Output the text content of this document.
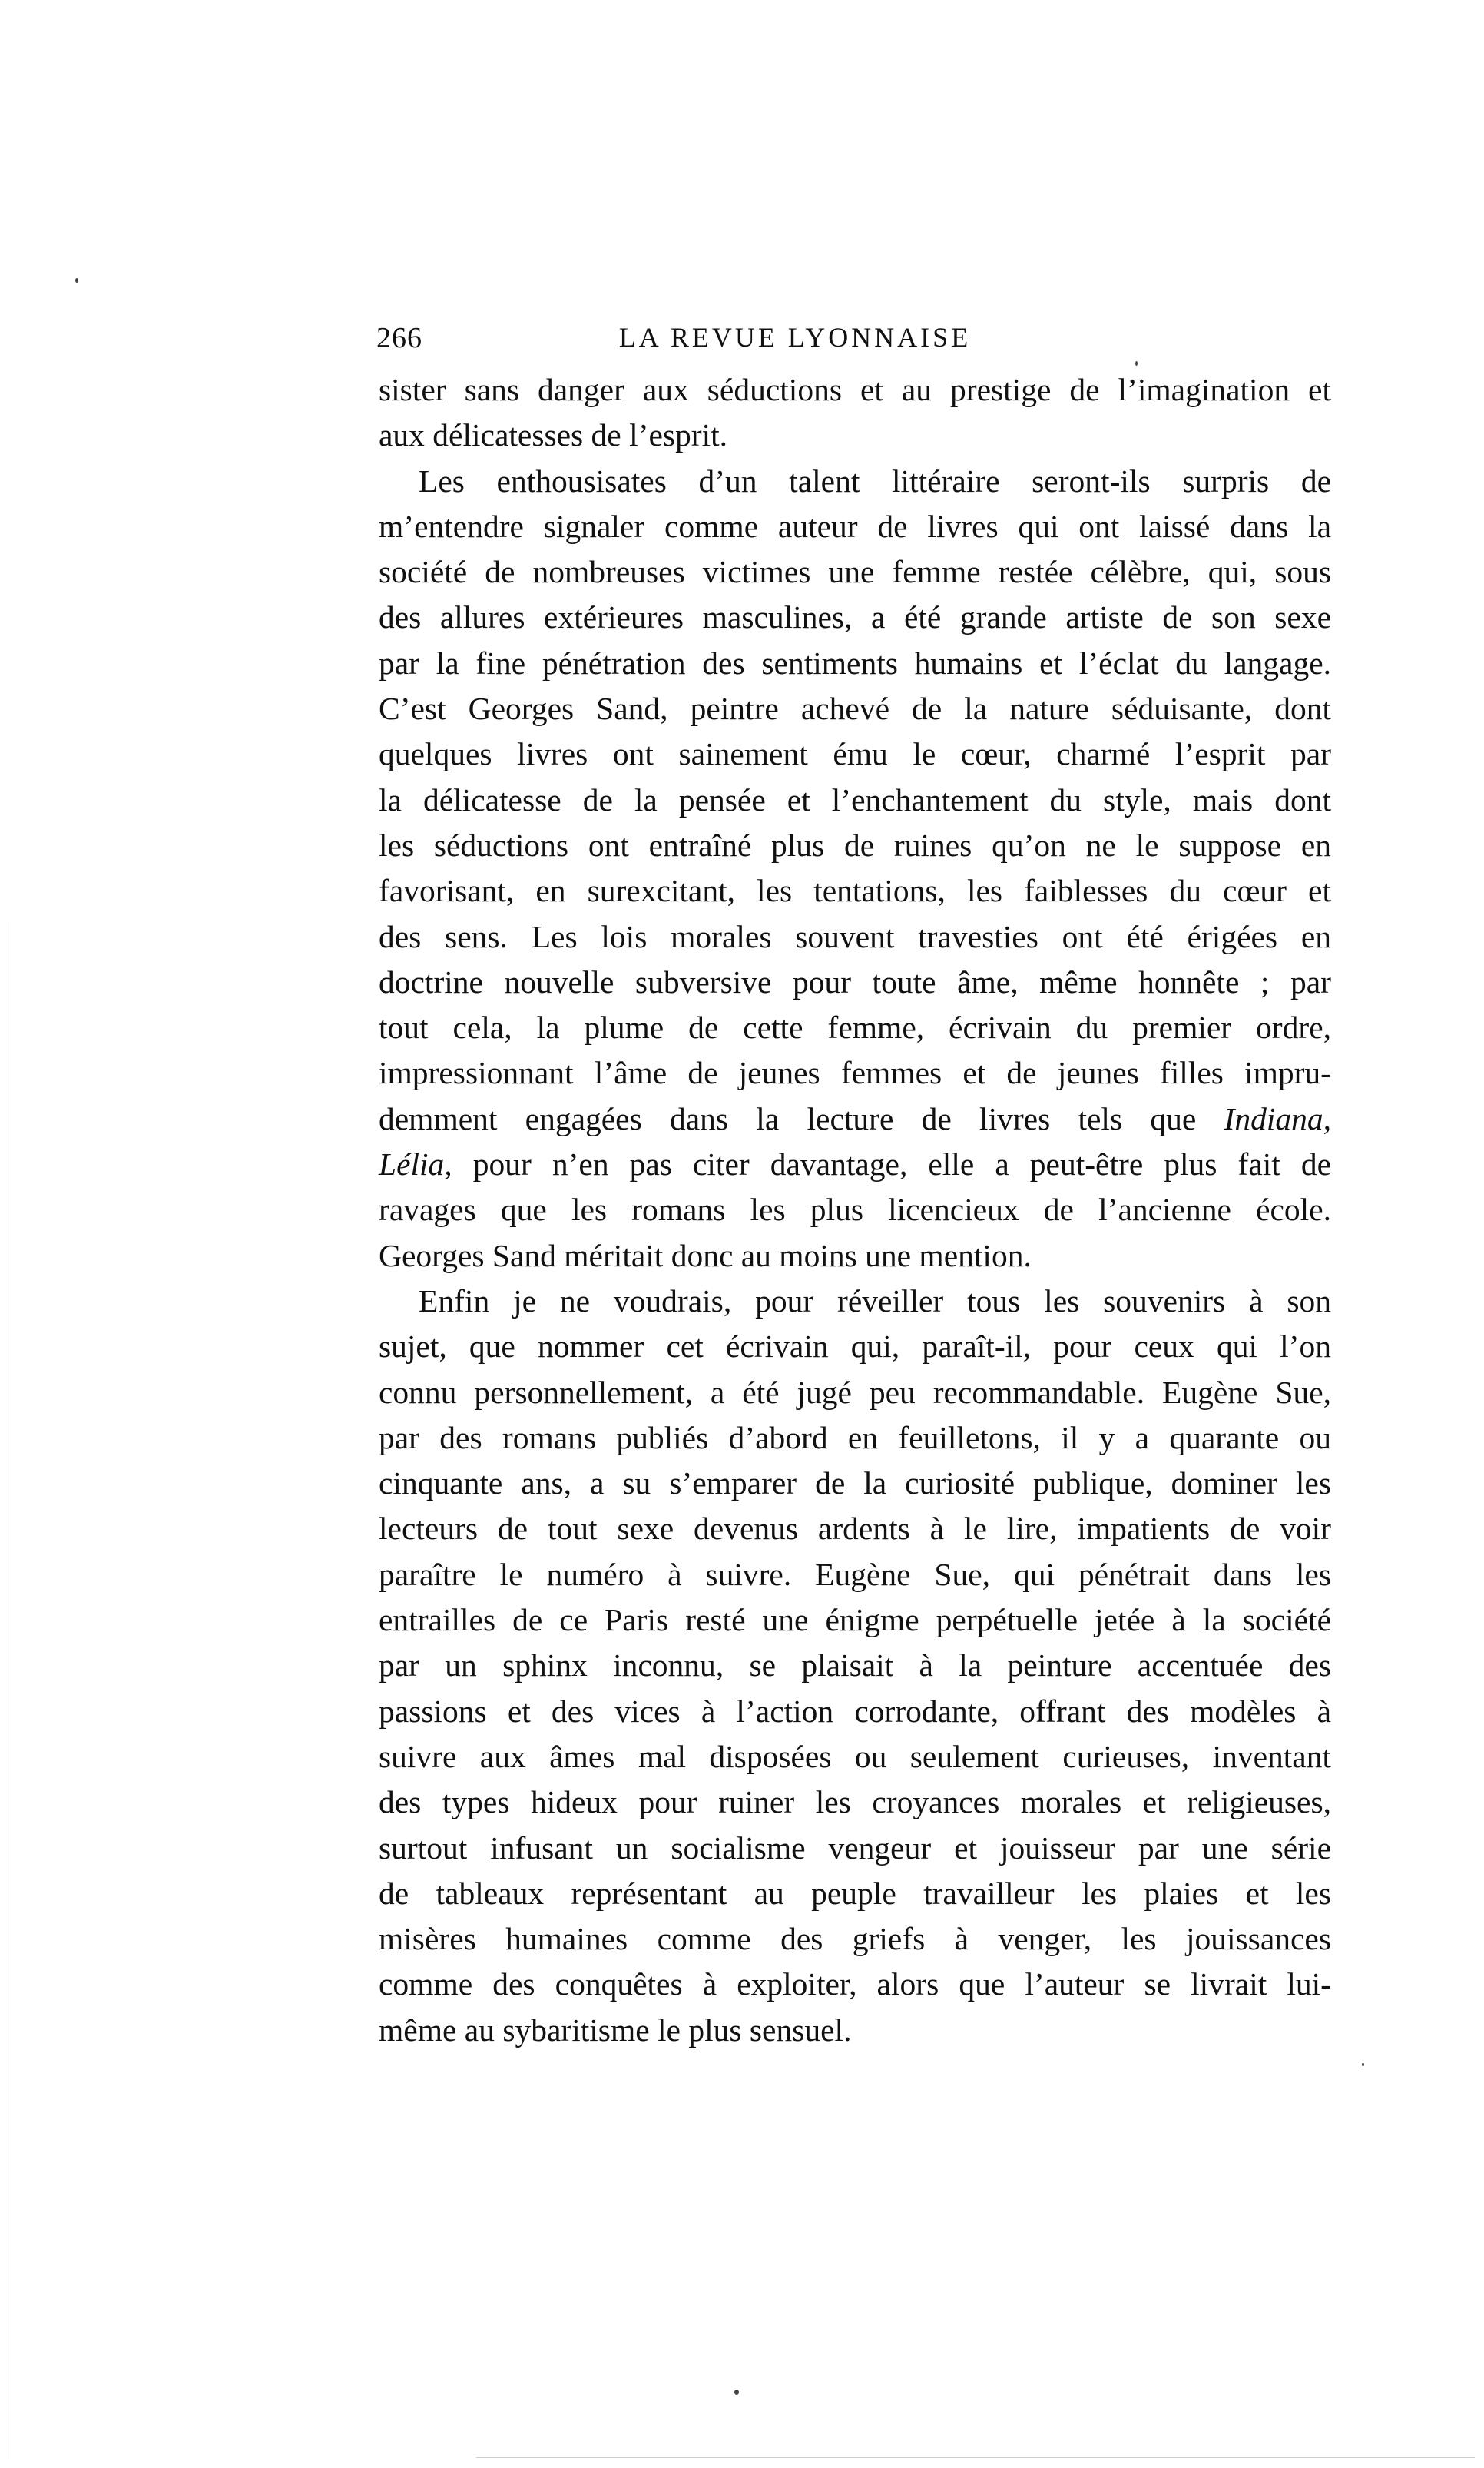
266	LA REVUE LYONNAISE
sister sans danger aux séductions et au prestige de l’imagination et
aux délicatesses de l’esprit.
Les enthousisates d’un talent littéraire seront-ils surpris de
m’entendre signaler comme auteur de livres qui ont laissé dans la
société de nombreuses victimes une femme restée célèbre, qui, sous
des allures extérieures masculines, a été grande artiste de son sexe
par la fine pénétration des sentiments humains et l’éclat du langage.
C’est Georges Sand, peintre achevé de la nature séduisante, dont
quelques livres ont sainement ému le cœur, charmé l’esprit par
la délicatesse de la pensée et l’enchantement du style, mais dont
les séductions ont entraîné plus de ruines qu’on ne le suppose en
favorisant, en surexcitant, les tentations, les faiblesses du cœur et
des sens. Les lois morales souvent travesties ont été érigées en
doctrine nouvelle subversive pour toute âme, même honnête ; par
tout cela, la plume de cette femme, écrivain du premier ordre,
impressionnant l’âme de jeunes femmes et de jeunes filles impru-
demment engagées dans la lecture de livres tels que Indiana,
Lélia, pour n’en pas citer davantage, elle a peut-être plus fait de
ravages que les romans les plus licencieux de l’ancienne école.
Georges Sand méritait donc au moins une mention.
Enfin je ne voudrais, pour réveiller tous les souvenirs à son
sujet, que nommer cet écrivain qui, paraît-il, pour ceux qui l’on
connu personnellement, a été jugé peu recommandable. Eugène Sue,
par des romans publiés d’abord en feuilletons, il y a quarante ou
cinquante ans, a su s’emparer de la curiosité publique, dominer les
lecteurs de tout sexe devenus ardents à le lire, impatients de voir
paraître le numéro à suivre. Eugène Sue, qui pénétrait dans les
entrailles de ce Paris resté une énigme perpétuelle jetée à la société
par un sphinx inconnu, se plaisait à la peinture accentuée des
passions et des vices à l’action corrodante, offrant des modèles à
suivre aux âmes mal disposées ou seulement curieuses, inventant
des types hideux pour ruiner les croyances morales et religieuses,
surtout infusant un socialisme vengeur et jouisseur par une série
de tableaux représentant au peuple travailleur les plaies et les
misères humaines comme des griefs à venger, les jouissances
comme des conquêtes à exploiter, alors que l’auteur se livrait lui-
même au sybaritisme le plus sensuel.
